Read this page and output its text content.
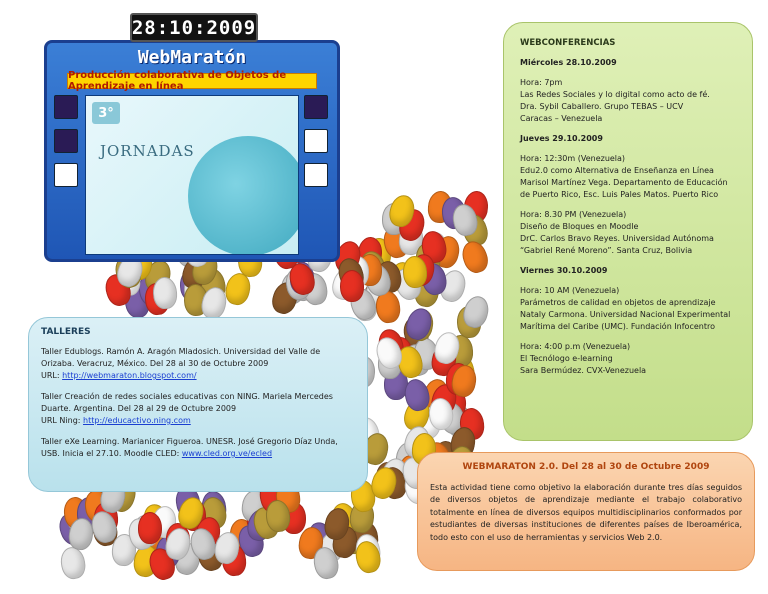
WebMaratón
Producción colaborativa de Objetos de Aprendizaje en línea
3°
JORNADAS
28:10:2009
WEBCONFERENCIAS
Miércoles 28.10.2009
Hora: 7pm
Las Redes Sociales y lo digital como acto de fé.
Dra. Sybil Caballero. Grupo TEBAS – UCV
Caracas – Venezuela
Jueves 29.10.2009
Hora: 12:30m (Venezuela)
Edu2.0 como Alternativa de Enseñanza en Línea
Marisol Martínez Vega. Departamento de Educación
de Puerto Rico, Esc. Luis Pales Matos. Puerto Rico
Hora: 8.30 PM (Venezuela)
Diseño de Bloques en Moodle
DrC. Carlos Bravo Reyes. Universidad Autónoma
“Gabriel René Moreno”. Santa Cruz, Bolivia
Viernes 30.10.2009
Hora: 10 AM (Venezuela)
Parámetros de calidad en objetos de aprendizaje
Nataly Carmona. Universidad Nacional Experimental
Marítima del Caribe (UMC). Fundación Infocentro
Hora: 4:00 p.m (Venezuela)
El Tecnólogo e-learning
Sara Bermúdez. CVX-Venezuela
TALLERES
Taller Edublogs. Ramón A. Aragón Mladosich. Universidad del Valle de Orizaba. Veracruz, México. Del 28 al 30 de Octubre 2009
URL: http://webmaraton.blogspot.com/
Taller Creación de redes sociales educativas con NING. Mariela Mercedes Duarte. Argentina. Del 28 al 29 de Octubre 2009
URL Ning: http://educactivo.ning.com
Taller eXe Learning. Marianicer Figueroa. UNESR. José Gregorio Díaz Unda, USB. Inicia el 27.10. Moodle CLED: www.cled.org.ve/ecled
WEBMARATON 2.0. Del 28 al 30 de Octubre 2009

Esta actividad tiene como objetivo la elaboración durante tres días seguidos de diversos objetos de aprendizaje mediante el trabajo colaborativo totalmente en línea de diversos equipos multidisciplinarios conformados por estudiantes de diversas instituciones de diferentes países de Iberoamérica, todo esto con el uso de herramientas y servicios Web 2.0.
